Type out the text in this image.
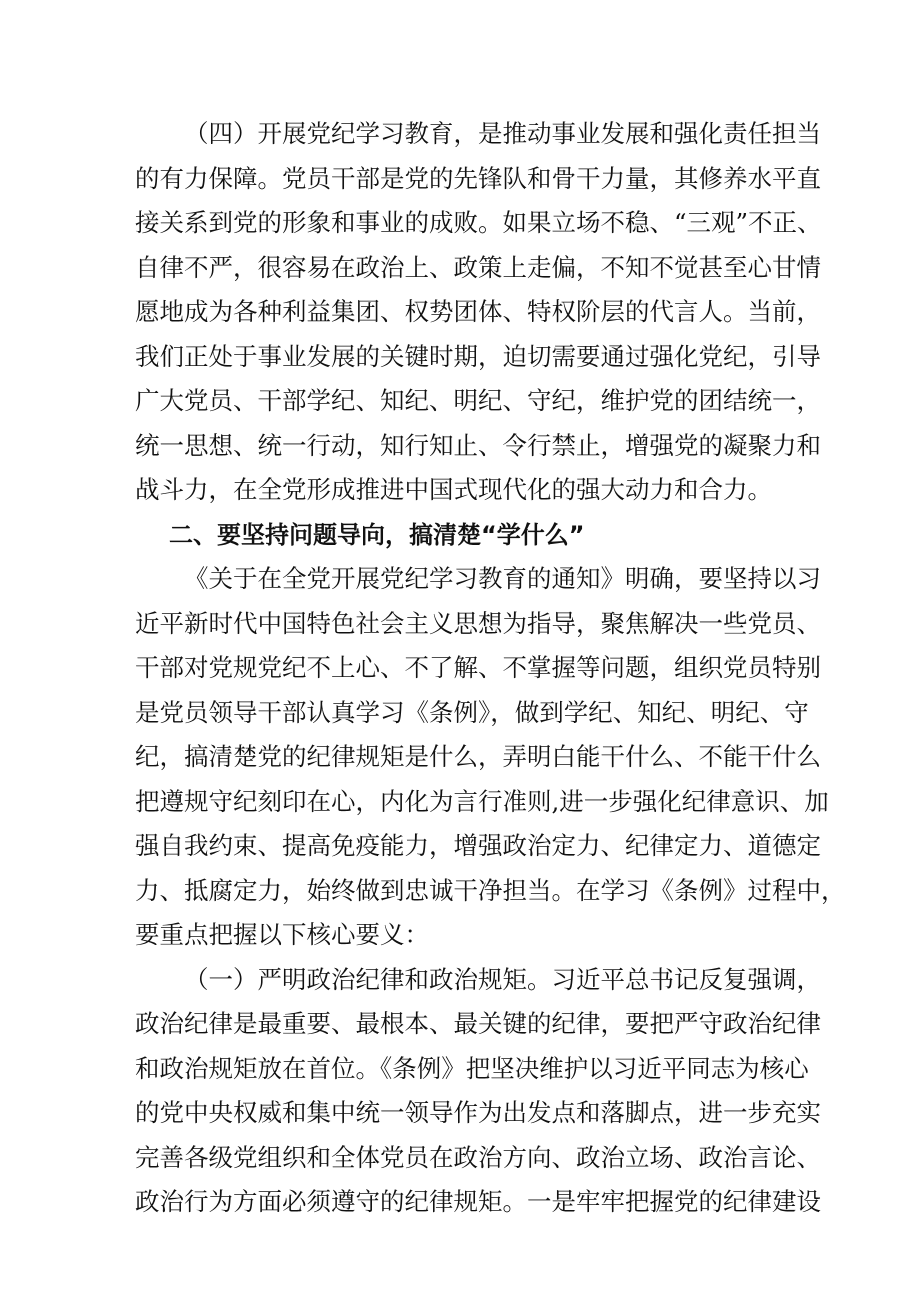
（四）开展党纪学习教育，是推动事业发展和强化责任担当
的有力保障。党员干部是党的先锋队和骨干力量，其修养水平直
接关系到党的形象和事业的成败。如果立场不稳、“三观”不正、
自律不严，很容易在政治上、政策上走偏，不知不觉甚至心甘情
愿地成为各种利益集团、权势团体、特权阶层的代言人。当前，
我们正处于事业发展的关键时期，迫切需要通过强化党纪，引导
广大党员、干部学纪、知纪、明纪、守纪，维护党的团结统一，
统一思想、统一行动，知行知止、令行禁止，增强党的凝聚力和
战斗力，在全党形成推进中国式现代化的强大动力和合力。
二、要坚持问题导向，搞清楚“学什么”
《关于在全党开展党纪学习教育的通知》明确，要坚持以习
近平新时代中国特色社会主义思想为指导，聚焦解决一些党员、
干部对党规党纪不上心、不了解、不掌握等问题，组织党员特别
是党员领导干部认真学习《条例》，做到学纪、知纪、明纪、守
纪，搞清楚党的纪律规矩是什么，弄明白能干什么、不能干什么
把遵规守纪刻印在心，内化为言行准则,进一步强化纪律意识、加
强自我约束、提高免疫能力，增强政治定力、纪律定力、道德定
力、抵腐定力，始终做到忠诚干净担当。在学习《条例》过程中，
要重点把握以下核心要义：
（一）严明政治纪律和政治规矩。习近平总书记反复强调，
政治纪律是最重要、最根本、最关键的纪律，要把严守政治纪律
和政治规矩放在首位。《条例》把坚决维护以习近平同志为核心
的党中央权威和集中统一领导作为出发点和落脚点，进一步充实
完善各级党组织和全体党员在政治方向、政治立场、政治言论、
政治行为方面必须遵守的纪律规矩。一是牢牢把握党的纪律建设
